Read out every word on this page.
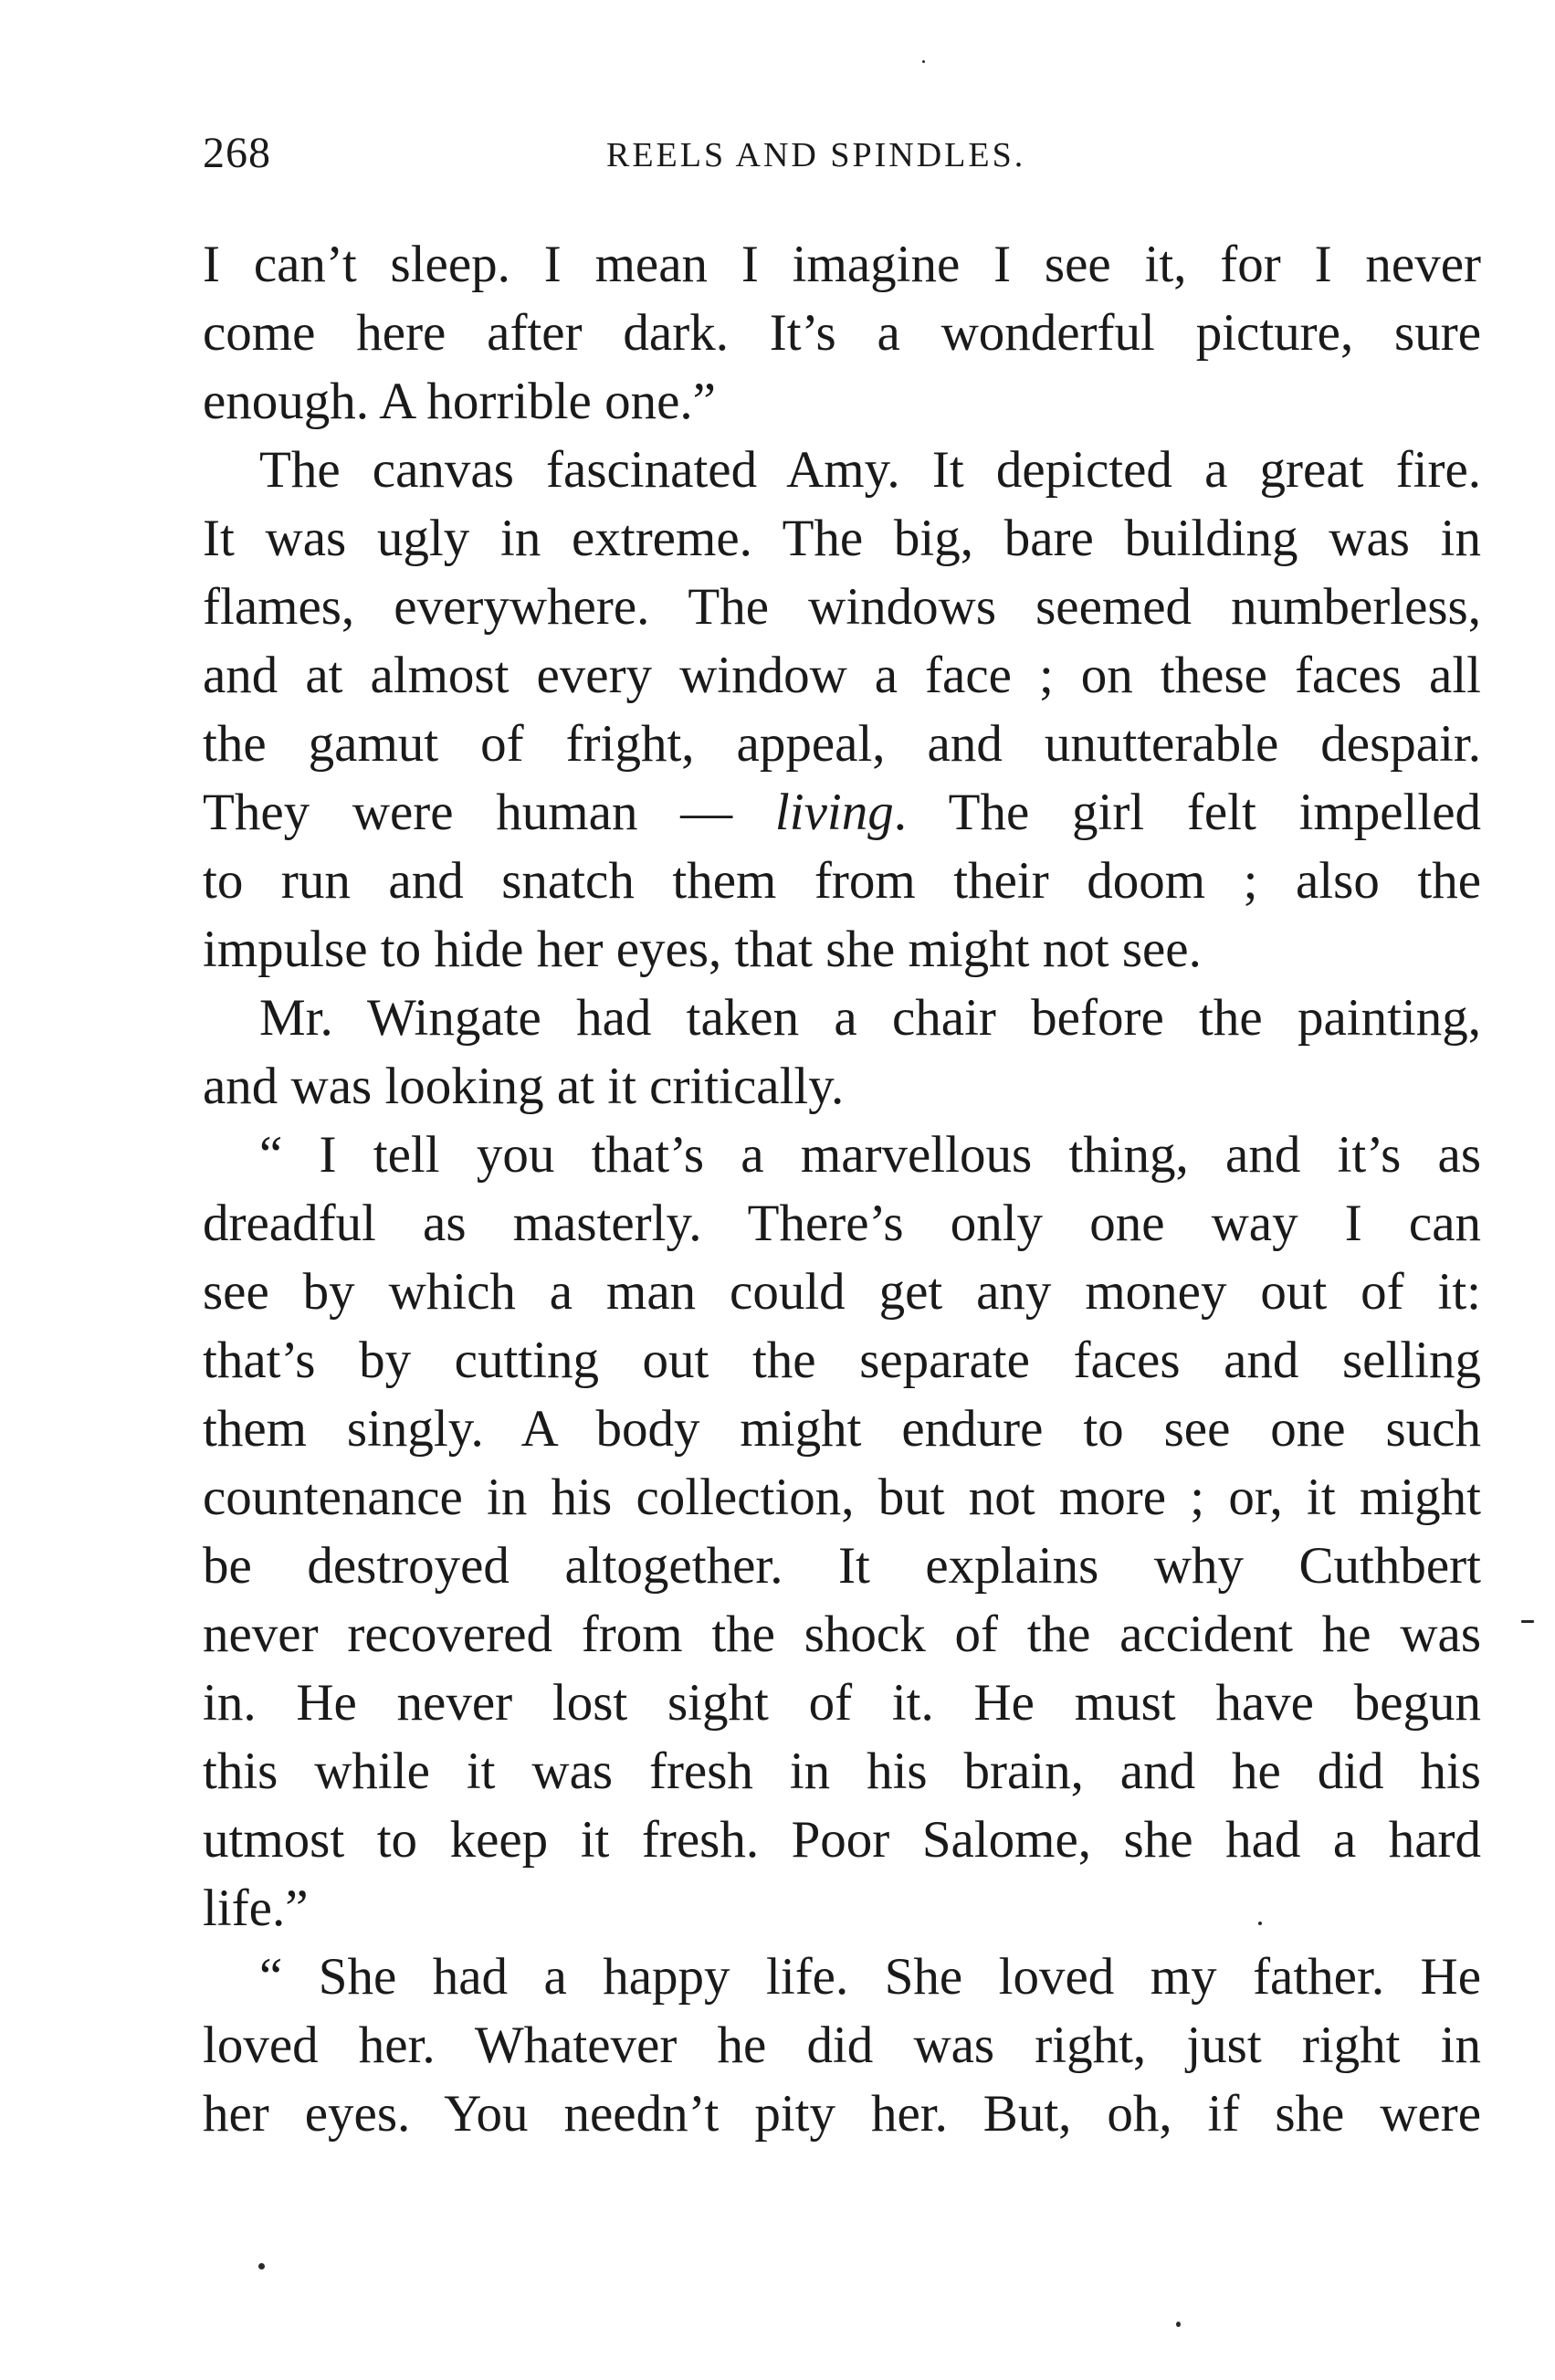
268	REELS AND SPINDLES.
I can’t sleep. I mean I imagine I see it, for I never
come here after dark. It’s a wonderful picture, sure
enough. A horrible one.”
The canvas fascinated Amy. It depicted a great fire.
It was ugly in extreme. The big, bare building was in
flames, everywhere. The windows seemed numberless,
and at almost every window a face ; on these faces all
the gamut of fright, appeal, and unutterable despair.
They were human — living. The girl felt impelled
to run and snatch them from their doom ; also the
impulse to hide her eyes, that she might not see.
Mr. Wingate had taken a chair before the painting,
and was looking at it critically.
“ I tell you that’s a marvellous thing, and it’s as
dreadful as masterly. There’s only one way I can
see by which a man could get any money out of it:
that’s by cutting out the separate faces and selling
them singly. A body might endure to see one such
countenance in his collection, but not more ; or, it might
be destroyed altogether. It explains why Cuthbert
never recovered from the shock of the accident he was
in. He never lost sight of it. He must have begun
this while it was fresh in his brain, and he did his
utmost to keep it fresh. Poor Salome, she had a hard
life.”
“ She had a happy life. She loved my father. He
loved her. Whatever he did was right, just right in
her eyes. You needn’t pity her. But, oh, if she were
